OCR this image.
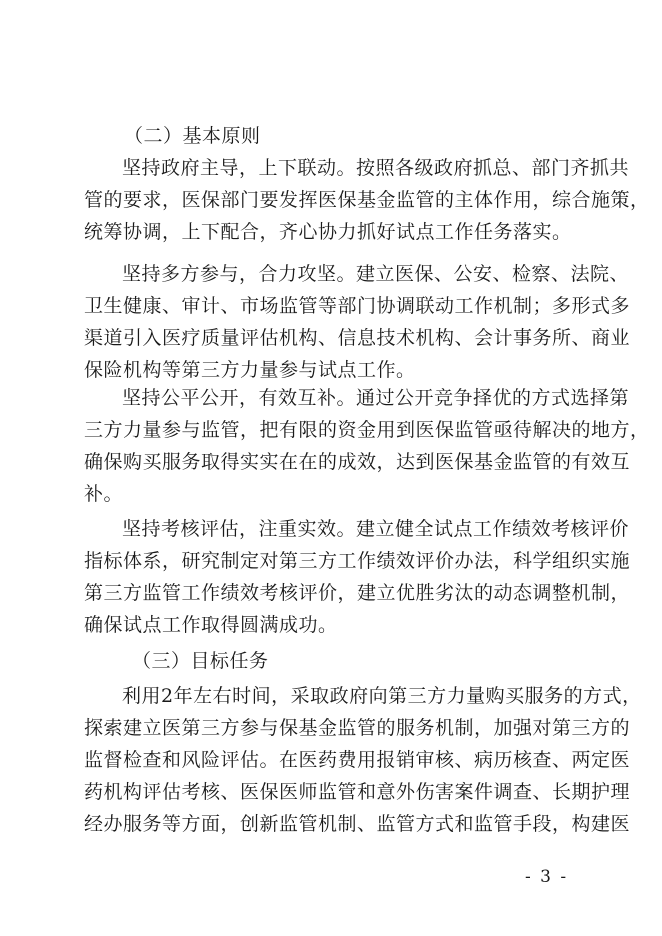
（二）基本原则
坚持政府主导，上下联动。按照各级政府抓总、部门齐抓共
管的要求，医保部门要发挥医保基金监管的主体作用，综合施策，
统筹协调，上下配合，齐心协力抓好试点工作任务落实。
坚持多方参与，合力攻坚。建立医保、公安、检察、法院、
卫生健康、审计、市场监管等部门协调联动工作机制；多形式多
渠道引入医疗质量评估机构、信息技术机构、会计事务所、商业
保险机构等第三方力量参与试点工作。
坚持公平公开，有效互补。通过公开竞争择优的方式选择第
三方力量参与监管，把有限的资金用到医保监管亟待解决的地方，
确保购买服务取得实实在在的成效，达到医保基金监管的有效互
补。
坚持考核评估，注重实效。建立健全试点工作绩效考核评价
指标体系，研究制定对第三方工作绩效评价办法，科学组织实施
第三方监管工作绩效考核评价，建立优胜劣汰的动态调整机制，
确保试点工作取得圆满成功。
（三）目标任务
利用2年左右时间，采取政府向第三方力量购买服务的方式，
探索建立医第三方参与保基金监管的服务机制，加强对第三方的
监督检查和风险评估。在医药费用报销审核、病历核查、两定医
药机构评估考核、医保医师监管和意外伤害案件调查、长期护理
经办服务等方面，创新监管机制、监管方式和监管手段，构建医
- 3 -
